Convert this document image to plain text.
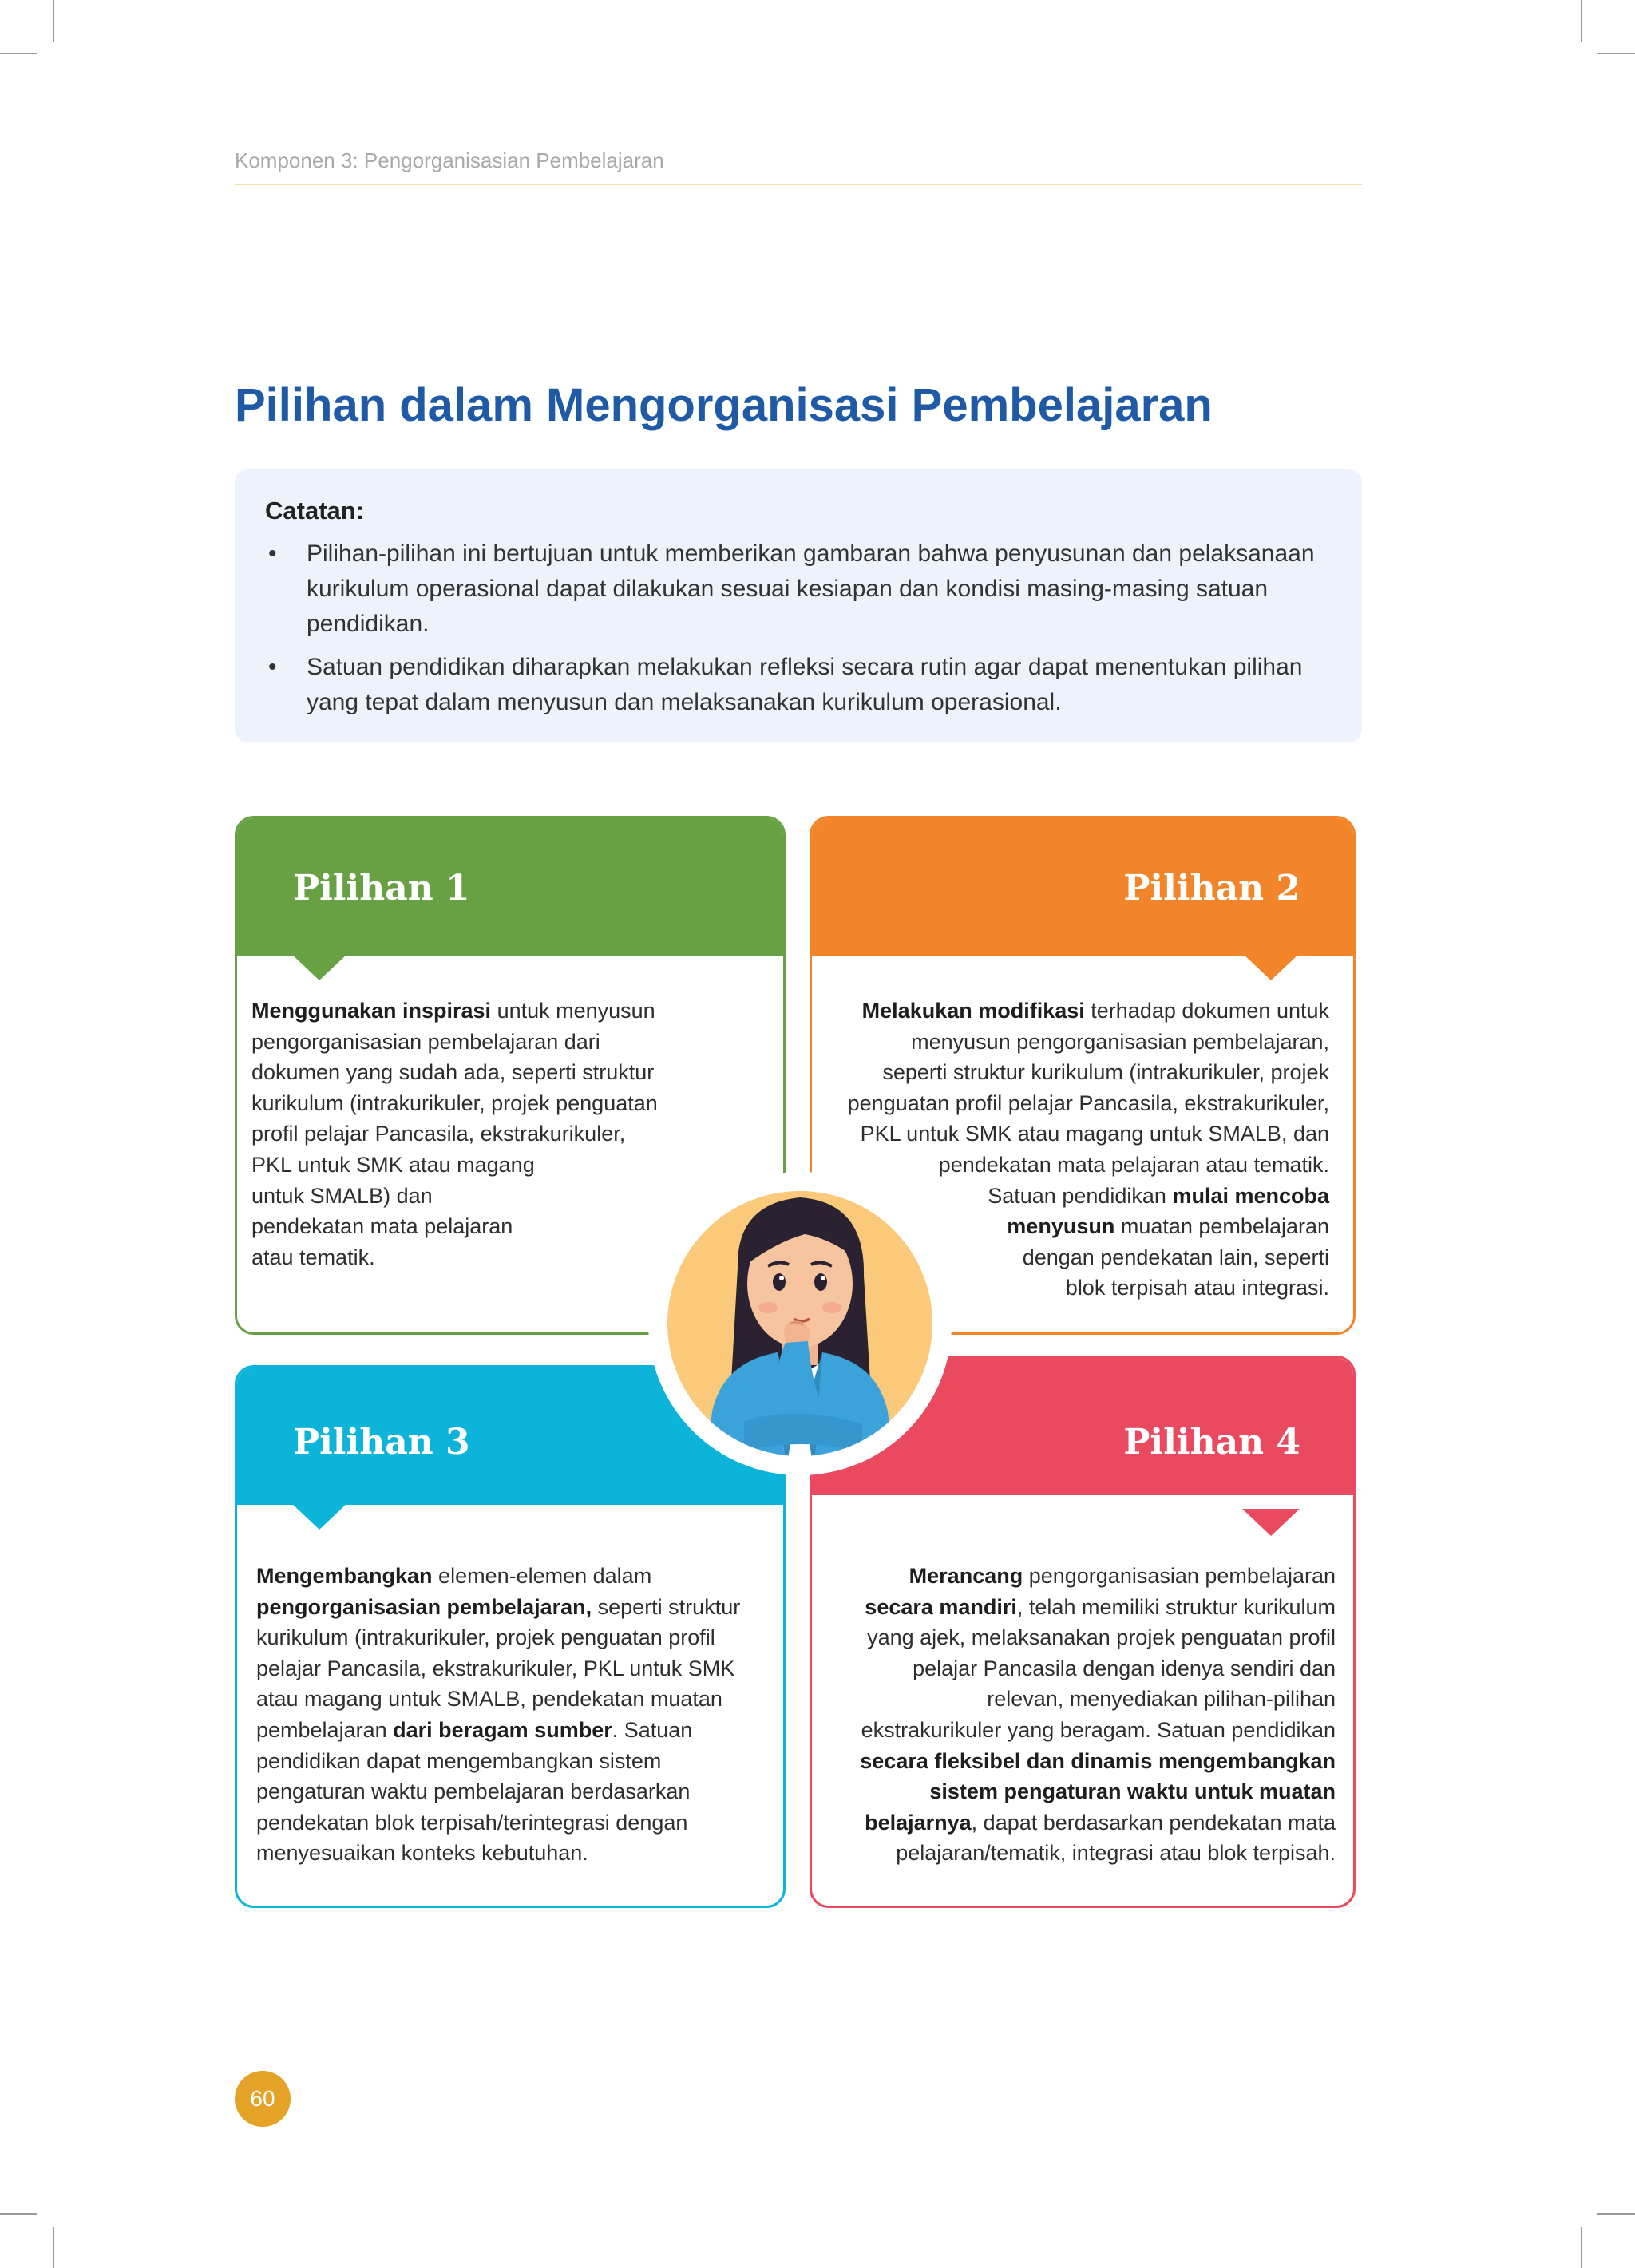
Komponen 3: Pengorganisasian Pembelajaran
Pilihan dalam Mengorganisasi Pembelajaran
Catatan:
• Pilihan-pilihan ini bertujuan untuk memberikan gambaran bahwa penyusunan dan pelaksanaan kurikulum operasional dapat dilakukan sesuai kesiapan dan kondisi masing-masing satuan pendidikan.
• Satuan pendidikan diharapkan melakukan refleksi secara rutin agar dapat menentukan pilihan yang tepat dalam menyusun dan melaksanakan kurikulum operasional.
Pilihan 1
Menggunakan inspirasi untuk menyusun
pengorganisasian pembelajaran dari
dokumen yang sudah ada, seperti struktur
kurikulum (intrakurikuler, projek penguatan
profil pelajar Pancasila, ekstrakurikuler,
PKL untuk SMK atau magang
untuk SMALB) dan
pendekatan mata pelajaran
atau tematik.
Pilihan 2
Melakukan modifikasi terhadap dokumen untuk
menyusun pengorganisasian pembelajaran,
seperti struktur kurikulum (intrakurikuler, projek
penguatan profil pelajar Pancasila, ekstrakurikuler,
PKL untuk SMK atau magang untuk SMALB, dan
pendekatan mata pelajaran atau tematik.
Satuan pendidikan mulai mencoba
menyusun muatan pembelajaran
dengan pendekatan lain, seperti
blok terpisah atau integrasi.
Pilihan 3
Mengembangkan elemen-elemen dalam
pengorganisasian pembelajaran, seperti struktur
kurikulum (intrakurikuler, projek penguatan profil
pelajar Pancasila, ekstrakurikuler, PKL untuk SMK
atau magang untuk SMALB, pendekatan muatan
pembelajaran dari beragam sumber. Satuan
pendidikan dapat mengembangkan sistem
pengaturan waktu pembelajaran berdasarkan
pendekatan blok terpisah/terintegrasi dengan
menyesuaikan konteks kebutuhan.
Pilihan 4
Merancang pengorganisasian pembelajaran
secara mandiri, telah memiliki struktur kurikulum
yang ajek, melaksanakan projek penguatan profil
pelajar Pancasila dengan idenya sendiri dan
relevan, menyediakan pilihan-pilihan
ekstrakurikuler yang beragam. Satuan pendidikan
secara fleksibel dan dinamis mengembangkan
sistem pengaturan waktu untuk muatan
belajarnya, dapat berdasarkan pendekatan mata
pelajaran/tematik, integrasi atau blok terpisah.
60
